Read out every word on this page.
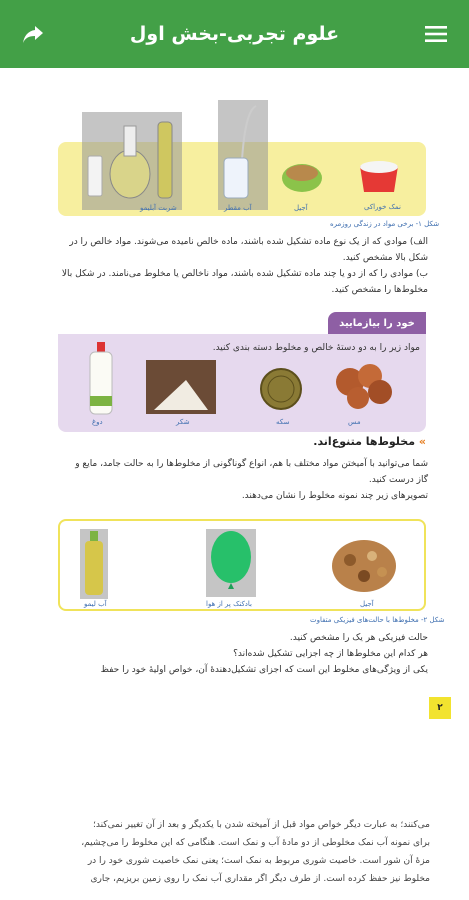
علوم تجربی-بخش اول
نمک خوراکی
آجیل
آب مقطر
شربت آبلیمو
شکل ۱- برخی مواد در زندگی روزمره
الف) موادی که از یک نوع ماده تشکیل شده باشند، ماده خالص نامیده می‌شوند. مواد خالص را در
شکل بالا مشخص کنید.
ب) موادی را که از دو یا چند ماده تشکیل شده باشند، مواد ناخالص یا مخلوط می‌نامند. در شکل بالا
مخلوط‌ها را مشخص کنید.
خود را بیازمایید
مواد زیر را به دو دستهٔ خالص و مخلوط دسته بندی کنید.
مس
سکه
شکر
دوغ
» مخلوط‌ها متنوع‌اند.
شما می‌توانید با آمیختن مواد مختلف با هم، انواع گوناگونی از مخلوط‌ها را به حالت جامد، مایع و
گاز درست کنید.
تصویرهای زیر چند نمونه مخلوط را نشان می‌دهند.
آجیل
بادکنک پر از هوا
آب لیمو
شکل ۲- مخلوط‌ها با حالت‌های فیزیکی متفاوت
حالت فیزیکی هر یک را مشخص کنید.
هر کدام این مخلوط‌ها از چه اجزایی تشکیل شده‌اند؟
یکی از ویژگی‌های مخلوط این است که اجزای تشکیل‌دهندهٔ آن، خواص اولیهٔ خود را حفظ
۲
می‌کنند؛ به عبارت دیگر خواص مواد قبل از آمیخته شدن با یکدیگر و بعد از آن تغییر نمی‌کند؛
برای نمونه آب نمک مخلوطی از دو مادهٔ آب و نمک است. هنگامی که این مخلوط را می‌چشیم،
مزهٔ آن شور است. خاصیت شوری مربوط به نمک است؛ یعنی نمک خاصیت شوری خود را در
مخلوط نیز حفظ کرده است. از طرف دیگر اگر مقداری آب نمک را روی زمین بریزیم، جاری
